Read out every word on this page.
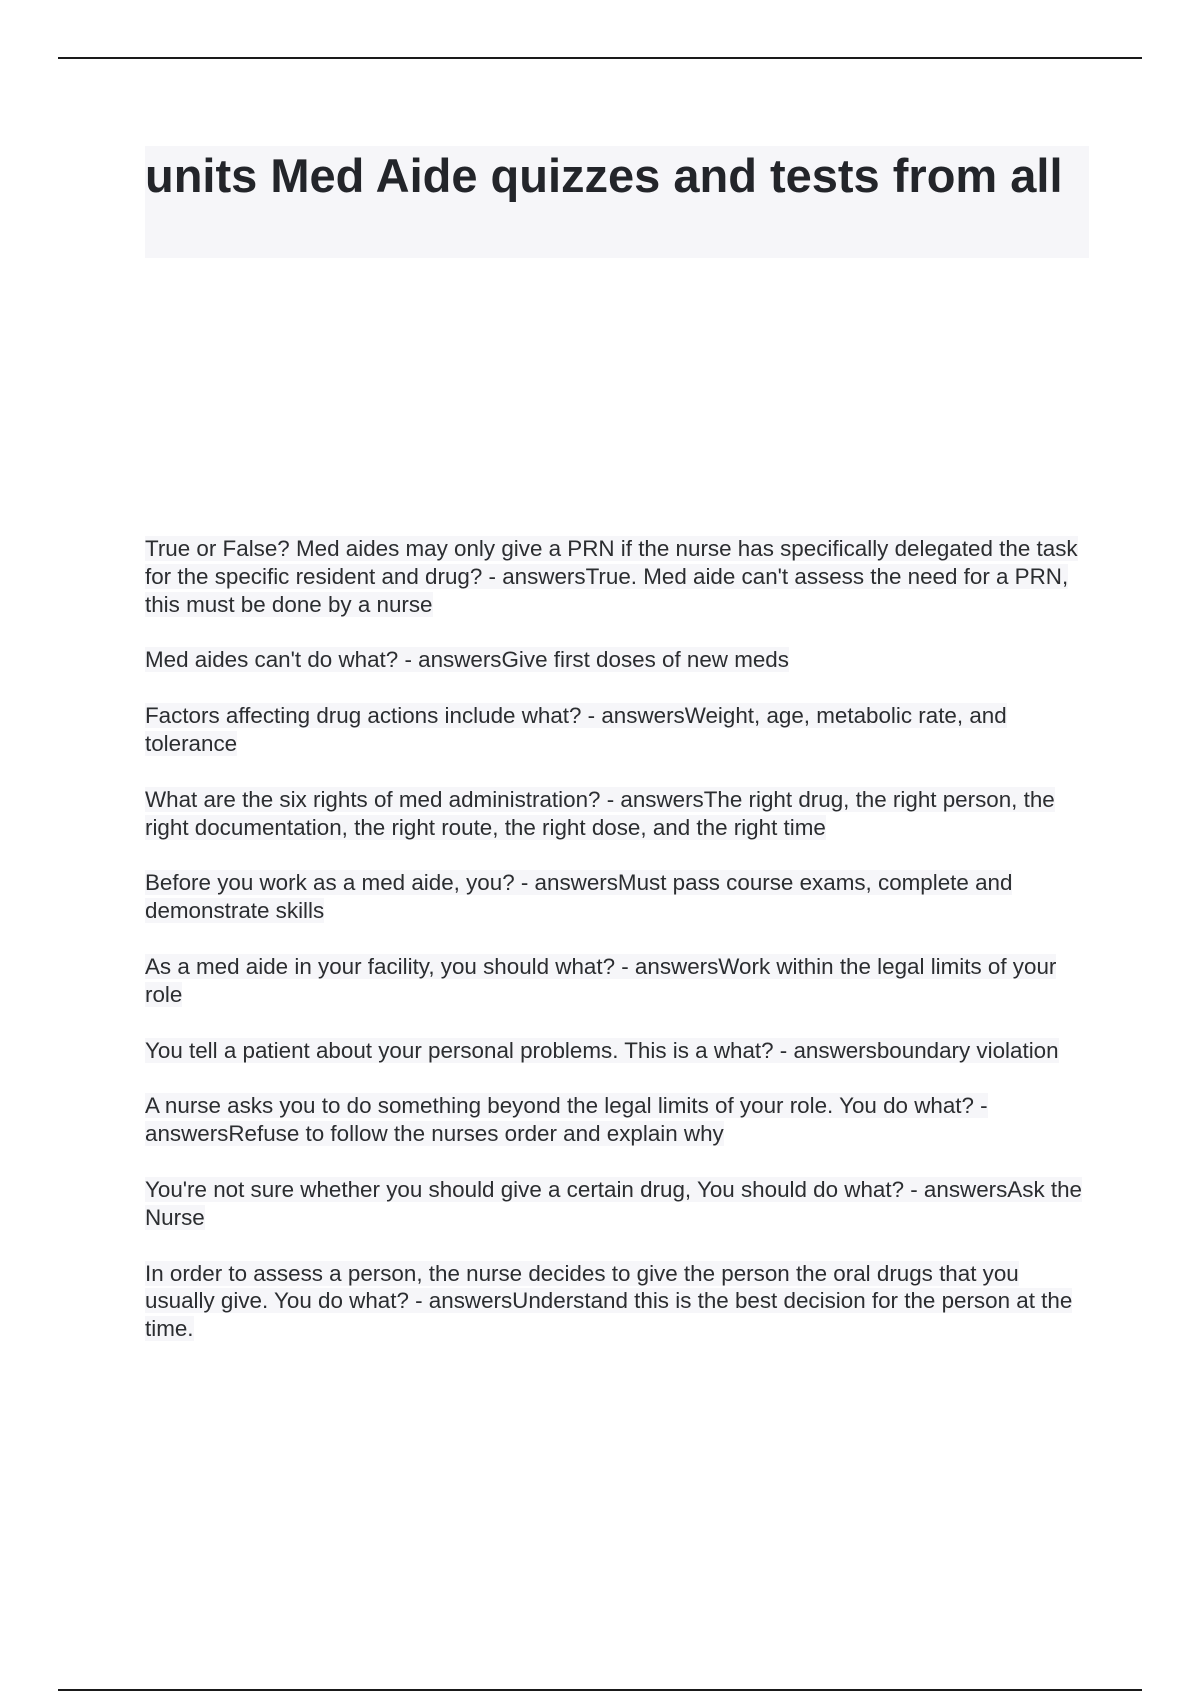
units Med Aide quizzes and tests from all

True or False? Med aides may only give a PRN if the nurse has specifically delegated the task for the specific resident and drug? - answersTrue. Med aide can't assess the need for a PRN, this must be done by a nurse

Med aides can't do what? - answersGive first doses of new meds

Factors affecting drug actions include what? - answersWeight, age, metabolic rate, and tolerance

What are the six rights of med administration? - answersThe right drug, the right person, the right documentation, the right route, the right dose, and the right time

Before you work as a med aide, you? - answersMust pass course exams, complete and demonstrate skills

As a med aide in your facility, you should what? - answersWork within the legal limits of your role

You tell a patient about your personal problems. This is a what? - answersboundary violation

A nurse asks you to do something beyond the legal limits of your role. You do what? - answersRefuse to follow the nurses order and explain why

You're not sure whether you should give a certain drug, You should do what? - answersAsk the Nurse

In order to assess a person, the nurse decides to give the person the oral drugs that you usually give. You do what? - answersUnderstand this is the best decision for the person at the time.
